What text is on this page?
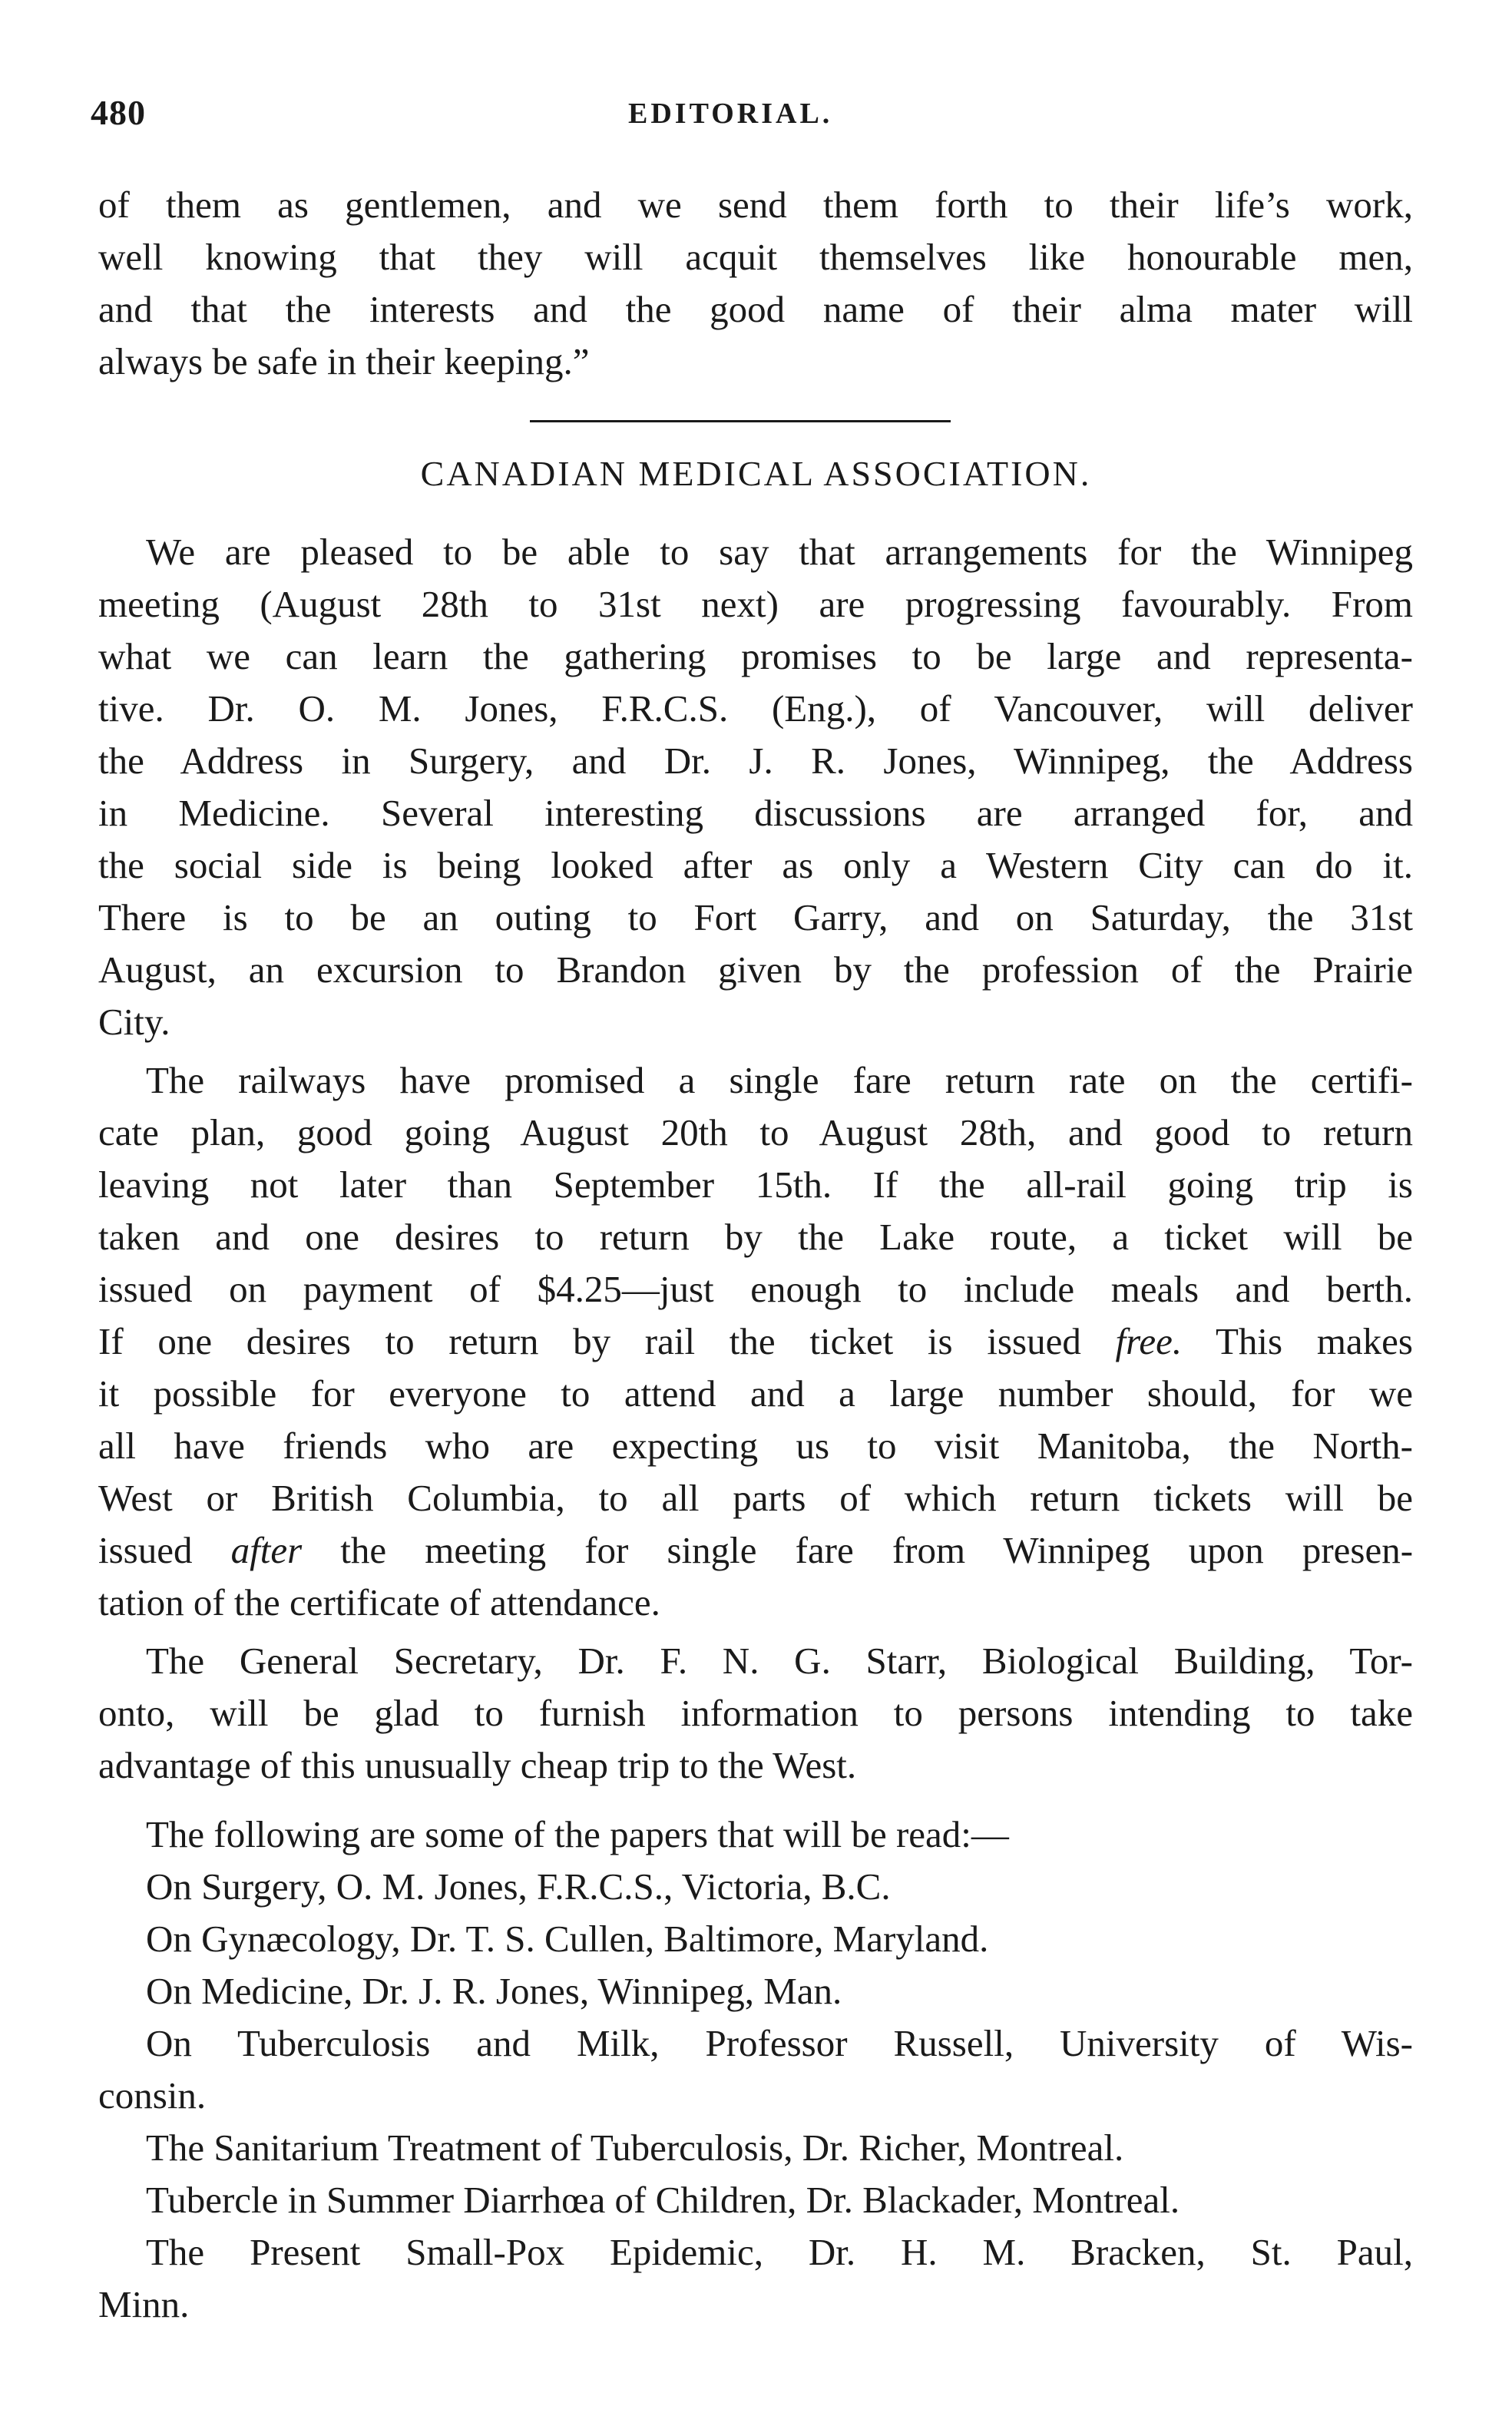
480	EDITORIAL.
of them as gentlemen, and we send them forth to their life’s work,
well knowing that they will acquit themselves like honourable men,
and that the interests and the good name of their alma mater will
always be safe in their keeping.”
CANADIAN MEDICAL ASSOCIATION.
We are pleased to be able to say that arrangements for the Winnipeg
meeting (August 28th to 31st next) are progressing favourably. From
what we can learn the gathering promises to be large and representa-
tive. Dr. O. M. Jones, F.R.C.S. (Eng.), of Vancouver, will deliver
the Address in Surgery, and Dr. J. R. Jones, Winnipeg, the Address
in Medicine. Several interesting discussions are arranged for, and
the social side is being looked after as only a Western City can do it.
There is to be an outing to Fort Garry, and on Saturday, the 31st
August, an excursion to Brandon given by the profession of the Prairie
City.
The railways have promised a single fare return rate on the certifi-
cate plan, good going August 20th to August 28th, and good to return
leaving not later than September 15th. If the all-rail going trip is
taken and one desires to return by the Lake route, a ticket will be
issued on payment of $4.25—just enough to include meals and berth.
If one desires to return by rail the ticket is issued free. This makes
it possible for everyone to attend and a large number should, for we
all have friends who are expecting us to visit Manitoba, the North-
West or British Columbia, to all parts of which return tickets will be
issued after the meeting for single fare from Winnipeg upon presen-
tation of the certificate of attendance.
The General Secretary, Dr. F. N. G. Starr, Biological Building, Tor-
onto, will be glad to furnish information to persons intending to take
advantage of this unusually cheap trip to the West.
The following are some of the papers that will be read:—
On Surgery, O. M. Jones, F.R.C.S., Victoria, B.C.
On Gynæcology, Dr. T. S. Cullen, Baltimore, Maryland.
On Medicine, Dr. J. R. Jones, Winnipeg, Man.
On Tuberculosis and Milk, Professor Russell, University of Wis-
consin.
The Sanitarium Treatment of Tuberculosis, Dr. Richer, Montreal.
Tubercle in Summer Diarrhœa of Children, Dr. Blackader, Montreal.
The Present Small-Pox Epidemic, Dr. H. M. Bracken, St. Paul,
Minn.
